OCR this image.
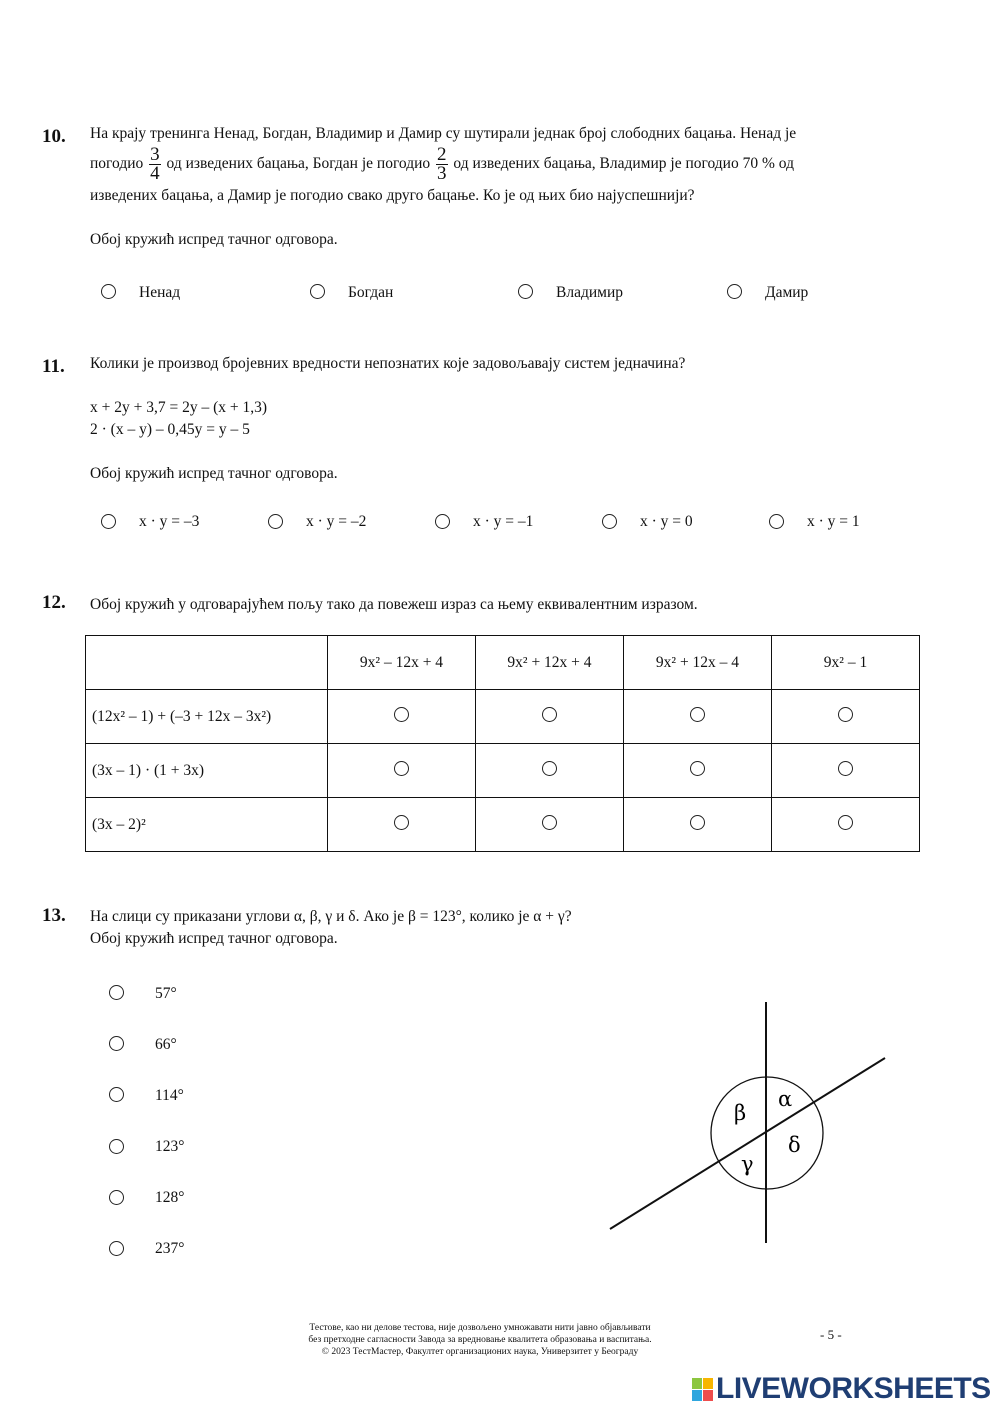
10. На крају тренинга Ненад, Богдан, Владимир и Дамир су шутирали једнак број слободних бацања. Ненад је
погодио $\frac{3}{4}$ од изведених бацања, Богдан је погодио $\frac{2}{3}$ од изведених бацања, Владимир је погодио 70 % од
изведених бацања, а Дамир је погодио свако друго бацање. Ко је од њих био најуспешнији?
Обој кружић испред тачног одговора.
Ненад	Богдан	Владимир	Дамир
11. Колики је производ бројевних вредности непознатих које задовољавају систем једначина?
x + 2y + 3,7 = 2y – (x + 1,3)
2 · (x – y) – 0,45y = y – 5
Обој кружић испред тачног одговора.
x · y = –3	x · y = –2	x · y = –1	x · y = 0	x · y = 1
12. Обој кружић у одговарајућем пољу тако да повежеш израз са њему еквивалентним изразом.
	9x² – 12x + 4	9x² + 12x + 4	9x² + 12x – 4	9x² – 1
(12x² – 1) + (–3 + 12x – 3x²)				
(3x – 1) · (1 + 3x)				
(3x – 2)²				
13. На слици су приказани углови α, β, γ и δ. Ако је β = 123°, колико је α + γ?
Обој кружић испред тачног одговора.
57°
66°
114°
123°
128°
237°
β
α
δ
γ
Тестове, као ни делове тестова, није дозвољено умножавати нити јавно објављивати
без претходне сагласности Завода за вредновање квалитета образовања и васпитања.
© 2023 ТестМастер, Факултет организационих наука, Универзитет у Београду
- 5 -
LIVEWORKSHEETS
